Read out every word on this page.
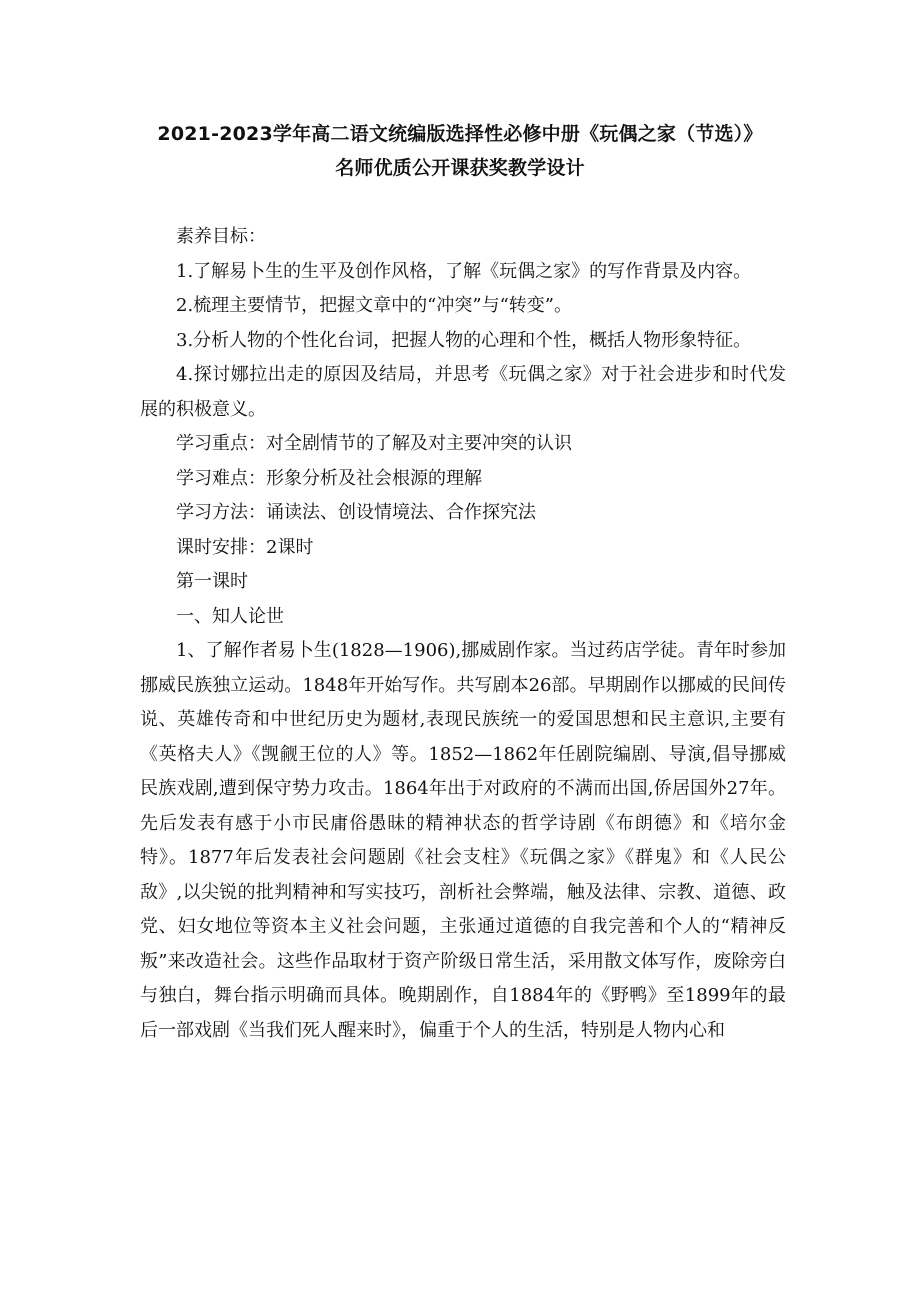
2021-2023学年高二语文统编版选择性必修中册《玩偶之家（节选）》
名师优质公开课获奖教学设计

素养目标：

1.了解易卜生的生平及创作风格，了解《玩偶之家》的写作背景及内容。

2.梳理主要情节，把握文章中的“冲突”与“转变”。

3.分析人物的个性化台词，把握人物的心理和个性，概括人物形象特征。

4.探讨娜拉出走的原因及结局，并思考《玩偶之家》对于社会进步和时代发展的积极意义。

学习重点：对全剧情节的了解及对主要冲突的认识

学习难点：形象分析及社会根源的理解

学习方法：诵读法、创设情境法、合作探究法

课时安排：2课时

第一课时

一、知人论世

1、了解作者易卜生(1828—1906),挪威剧作家。当过药店学徒。青年时参加挪威民族独立运动。1848年开始写作。共写剧本26部。早期剧作以挪威的民间传说、英雄传奇和中世纪历史为题材,表现民族统一的爱国思想和民主意识,主要有《英格夫人》《觊觎王位的人》等。1852—1862年任剧院编剧、导演,倡导挪威民族戏剧,遭到保守势力攻击。1864年出于对政府的不满而出国,侨居国外27年。先后发表有感于小市民庸俗愚昧的精神状态的哲学诗剧《布朗德》和《培尔金特》。1877年后发表社会问题剧《社会支柱》《玩偶之家》《群鬼》和《人民公敌》,以尖锐的批判精神和写实技巧，剖析社会弊端，触及法律、宗教、道德、政党、妇女地位等资本主义社会问题，主张通过道德的自我完善和个人的“精神反叛”来改造社会。这些作品取材于资产阶级日常生活，采用散文体写作，废除旁白与独白，舞台指示明确而具体。晚期剧作，自1884年的《野鸭》至1899年的最后一部戏剧《当我们死人醒来时》，偏重于个人的生活，特别是人物内心和
